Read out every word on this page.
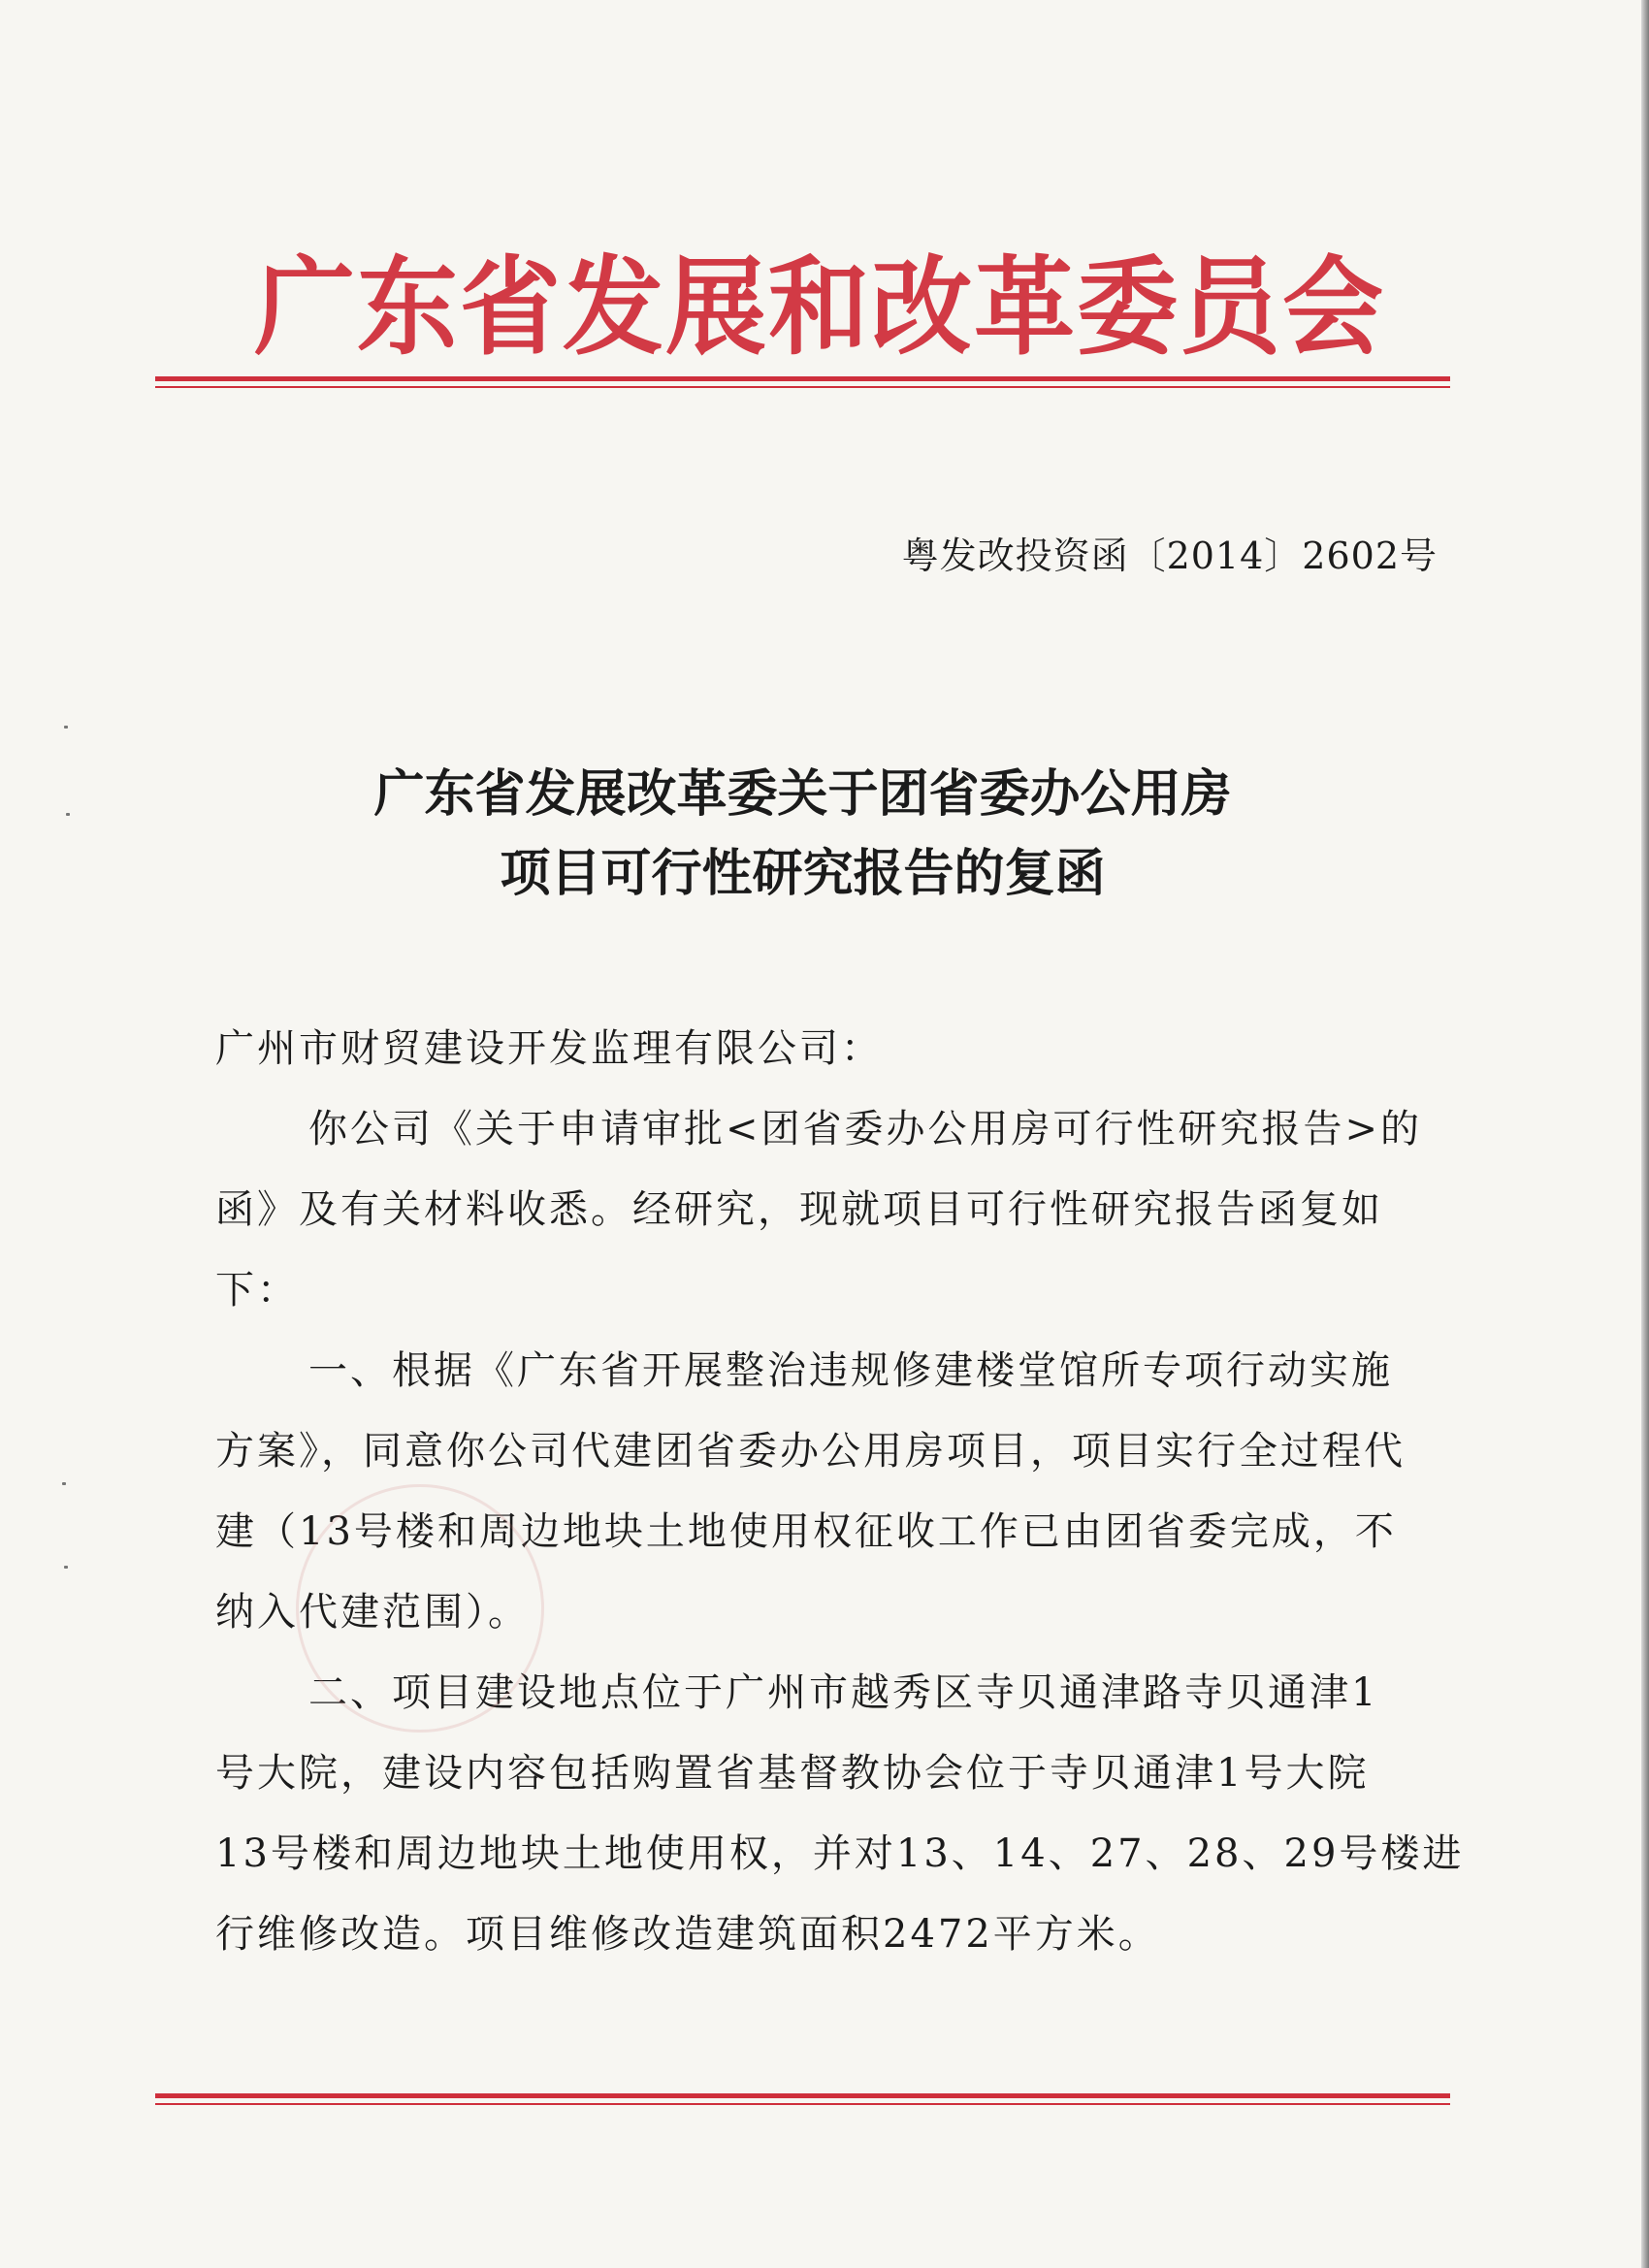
广东省发展和改革委员会
粤发改投资函〔2014〕2602号
广东省发展改革委关于团省委办公用房
项目可行性研究报告的复函
广州市财贸建设开发监理有限公司：
你公司《关于申请审批<团省委办公用房可行性研究报告>的
函》及有关材料收悉。经研究，现就项目可行性研究报告函复如
下：
一、根据《广东省开展整治违规修建楼堂馆所专项行动实施
方案》，同意你公司代建团省委办公用房项目，项目实行全过程代
建（13号楼和周边地块土地使用权征收工作已由团省委完成，不
纳入代建范围）。
二、项目建设地点位于广州市越秀区寺贝通津路寺贝通津1
号大院，建设内容包括购置省基督教协会位于寺贝通津1号大院
13号楼和周边地块土地使用权，并对13、14、27、28、29号楼进
行维修改造。项目维修改造建筑面积2472平方米。
